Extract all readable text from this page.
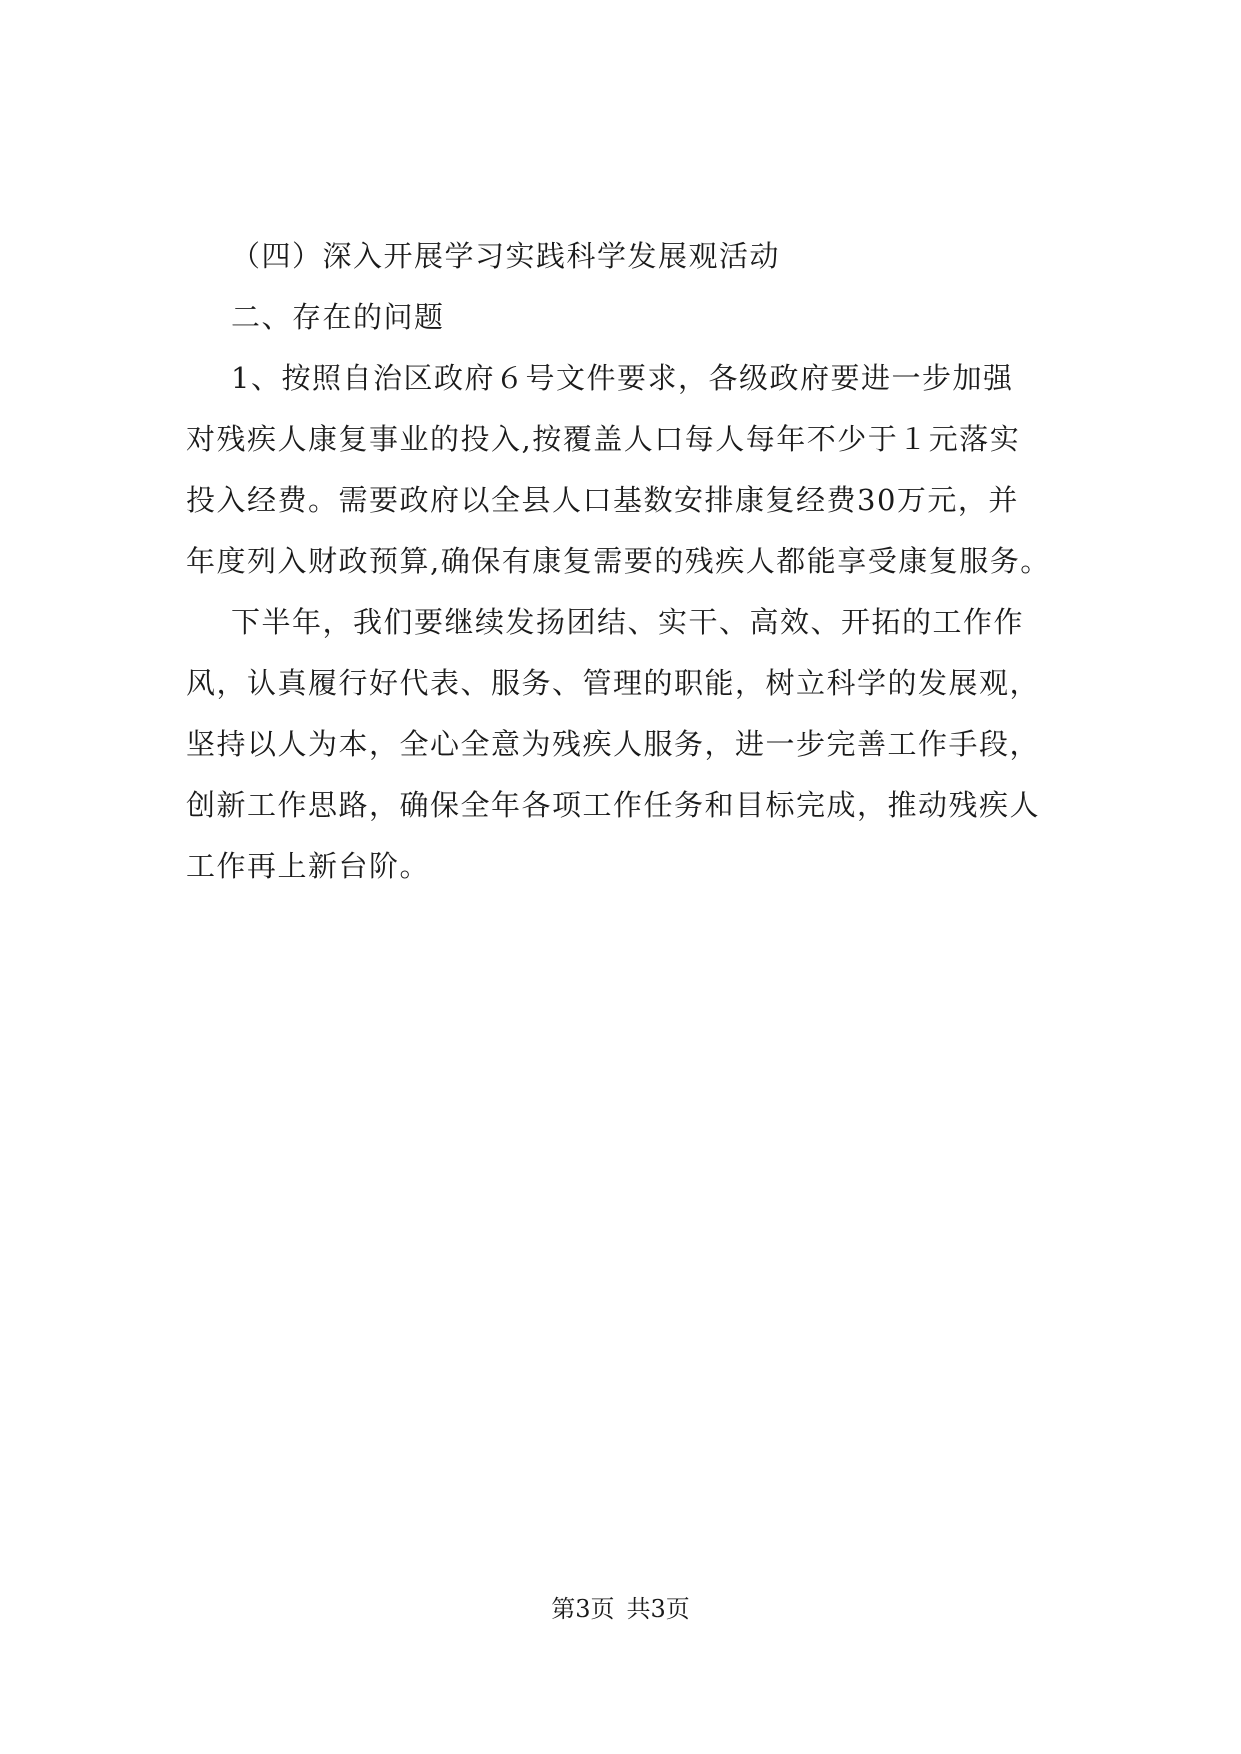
（四）深入开展学习实践科学发展观活动
二、存在的问题
1、按照自治区政府６号文件要求，各级政府要进一步加强
对残疾人康复事业的投入,按覆盖人口每人每年不少于１元落实
投入经费。需要政府以全县人口基数安排康复经费30万元，并
年度列入财政预算,确保有康复需要的残疾人都能享受康复服务。
下半年，我们要继续发扬团结、实干、高效、开拓的工作作
风，认真履行好代表、服务、管理的职能，树立科学的发展观，
坚持以人为本，全心全意为残疾人服务，进一步完善工作手段，
创新工作思路，确保全年各项工作任务和目标完成，推动残疾人
工作再上新台阶。
第3页 共3页
